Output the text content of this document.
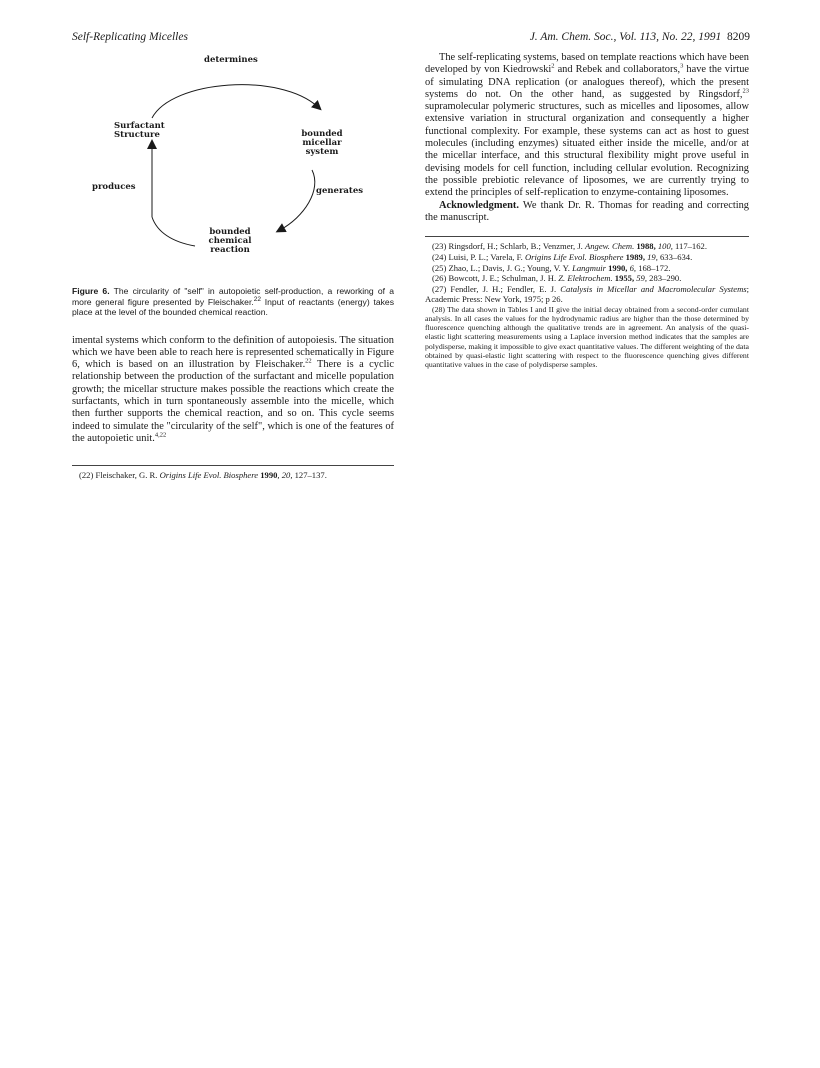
Self-Replicating Micelles	J. Am. Chem. Soc., Vol. 113, No. 22, 1991 8209
determines
Surfactant
Structure	bounded
micellar
system
produces	generates
bounded
chemical
reaction
Figure 6. The circularity of "self" in autopoietic self-production, a reworking of a more general figure presented by Fleischaker.$^{22}$ Input of reactants (energy) takes place at the level of the bounded chemical reaction.

imental systems which conform to the definition of autopoiesis. The situation which we have been able to reach here is represented schematically in Figure 6, which is based on an illustration by Fleischaker.$^{22}$ There is a cyclic relationship between the production of the surfactant and micelle population growth; the micellar structure makes possible the reactions which create the surfactants, which in turn spontaneously assemble into the micelle, which then further supports the chemical reaction, and so on. This cycle seems indeed to simulate the "circularity of the self", which is one of the features of the autopoietic unit.$^{4,22}$

(22) Fleischaker, G. R. Origins Life Evol. Biosphere 1990, 20, 127–137.

The self-replicating systems, based on template reactions which have been developed by von Kiedrowski$^2$ and Rebek and collaborators,$^3$ have the virtue of simulating DNA replication (or analogues thereof), which the present systems do not. On the other hand, as suggested by Ringsdorf,$^{23}$ supramolecular polymeric structures, such as micelles and liposomes, allow extensive variation in structural organization and consequently a higher functional complexity. For example, these systems can act as host to guest molecules (including enzymes) situated either inside the micelle, and/or at the micellar interface, and this structural flexibility might prove useful in devising models for cell function, including cellular evolution. Recognizing the possible prebiotic relevance of liposomes, we are currently trying to extend the principles of self-replication to enzyme-containing liposomes.

Acknowledgment. We thank Dr. R. Thomas for reading and correcting the manuscript.

(23) Ringsdorf, H.; Schlarb, B.; Venzmer, J. Angew. Chem. 1988, 100, 117–162.

(24) Luisi, P. L.; Varela, F. Origins Life Evol. Biosphere 1989, 19, 633–634.

(25) Zhao, L.; Davis, J. G.; Young, V. Y. Langmuir 1990, 6, 168–172.

(26) Bowcott, J. E.; Schulman, J. H. Z. Elektrochem. 1955, 59, 283–290.

(27) Fendler, J. H.; Fendler, E. J. Catalysis in Micellar and Macromolecular Systems; Academic Press: New York, 1975; p 26.

(28) The data shown in Tables I and II give the initial decay obtained from a second-order cumulant analysis. In all cases the values for the hydrodynamic radius are higher than the those determined by fluorescence quenching although the qualitative trends are in agreement. An analysis of the quasi-elastic light scattering measurements using a Laplace inversion method indicates that the samples are polydisperse, making it impossible to give exact quantitative values. The different weighting of the data obtained by quasi-elastic light scattering with respect to the fluorescence quenching gives different quantitative values in the case of polydisperse samples.
